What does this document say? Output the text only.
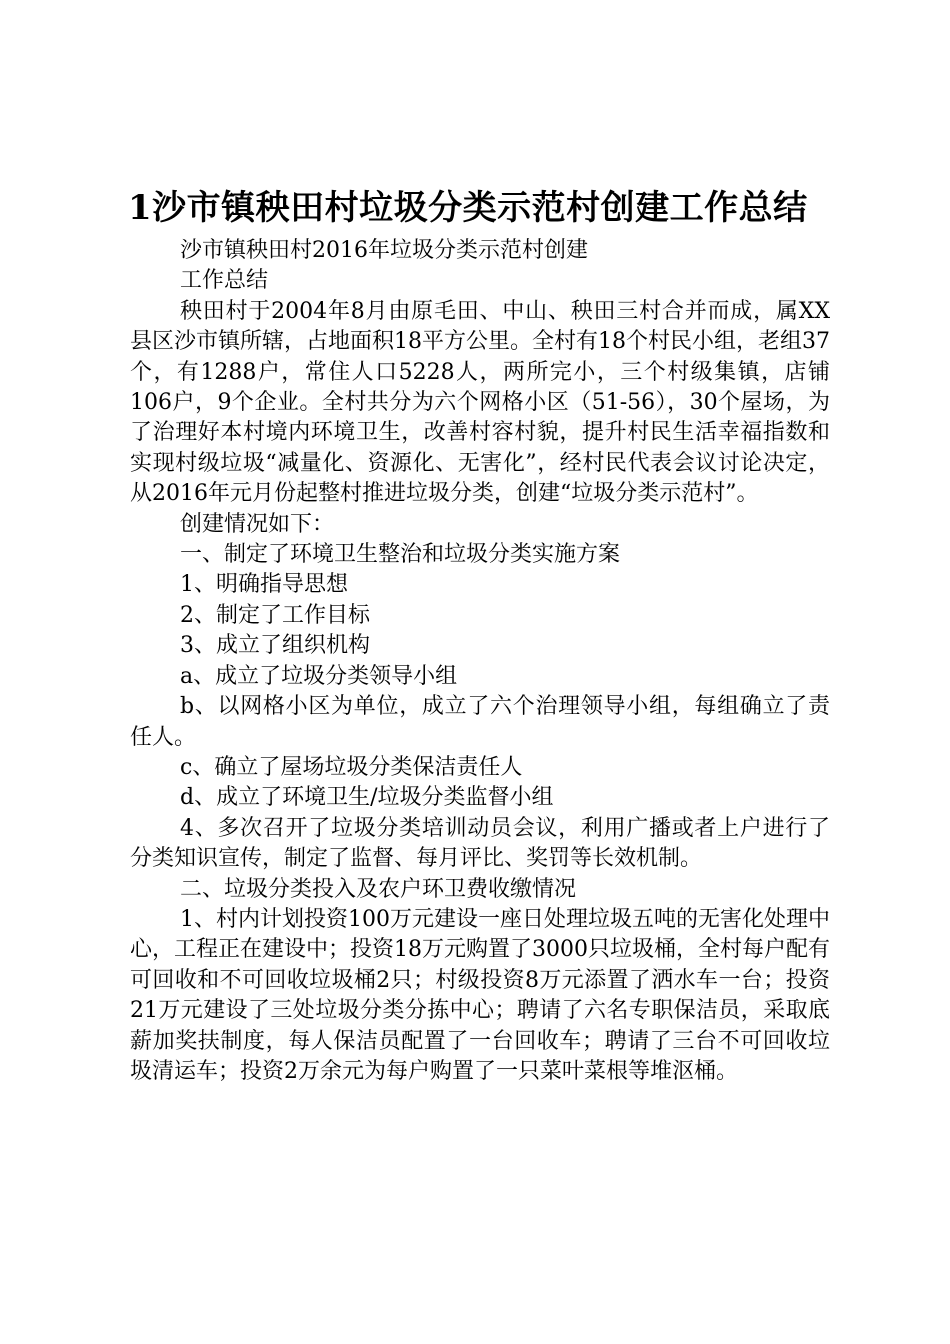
1沙市镇秧田村垃圾分类示范村创建工作总结

沙市镇秧田村2016年垃圾分类示范村创建

工作总结

秧田村于2004年8月由原毛田、中山、秧田三村合并而成，属XX县区沙市镇所辖，占地面积18平方公里。全村有18个村民小组，老组37个，有1288户，常住人口5228人，两所完小，三个村级集镇，店铺106户，9个企业。全村共分为六个网格小区（51-56），30个屋场，为了治理好本村境内环境卫生，改善村容村貌，提升村民生活幸福指数和实现村级垃圾“减量化、资源化、无害化”，经村民代表会议讨论决定，从2016年元月份起整村推进垃圾分类，创建“垃圾分类示范村”。

创建情况如下：

一、制定了环境卫生整治和垃圾分类实施方案

1、明确指导思想

2、制定了工作目标

3、成立了组织机构

a、成立了垃圾分类领导小组

b、以网格小区为单位，成立了六个治理领导小组，每组确立了责任人。

c、确立了屋场垃圾分类保洁责任人

d、成立了环境卫生/垃圾分类监督小组

4、多次召开了垃圾分类培训动员会议，利用广播或者上户进行了分类知识宣传，制定了监督、每月评比、奖罚等长效机制。

二、垃圾分类投入及农户环卫费收缴情况

1、村内计划投资100万元建设一座日处理垃圾五吨的无害化处理中心，工程正在建设中；投资18万元购置了3000只垃圾桶，全村每户配有可回收和不可回收垃圾桶2只；村级投资8万元添置了洒水车一台；投资21万元建设了三处垃圾分类分拣中心；聘请了六名专职保洁员，采取底薪加奖扶制度，每人保洁员配置了一台回收车；聘请了三台不可回收垃圾清运车；投资2万余元为每户购置了一只菜叶菜根等堆沤桶。
